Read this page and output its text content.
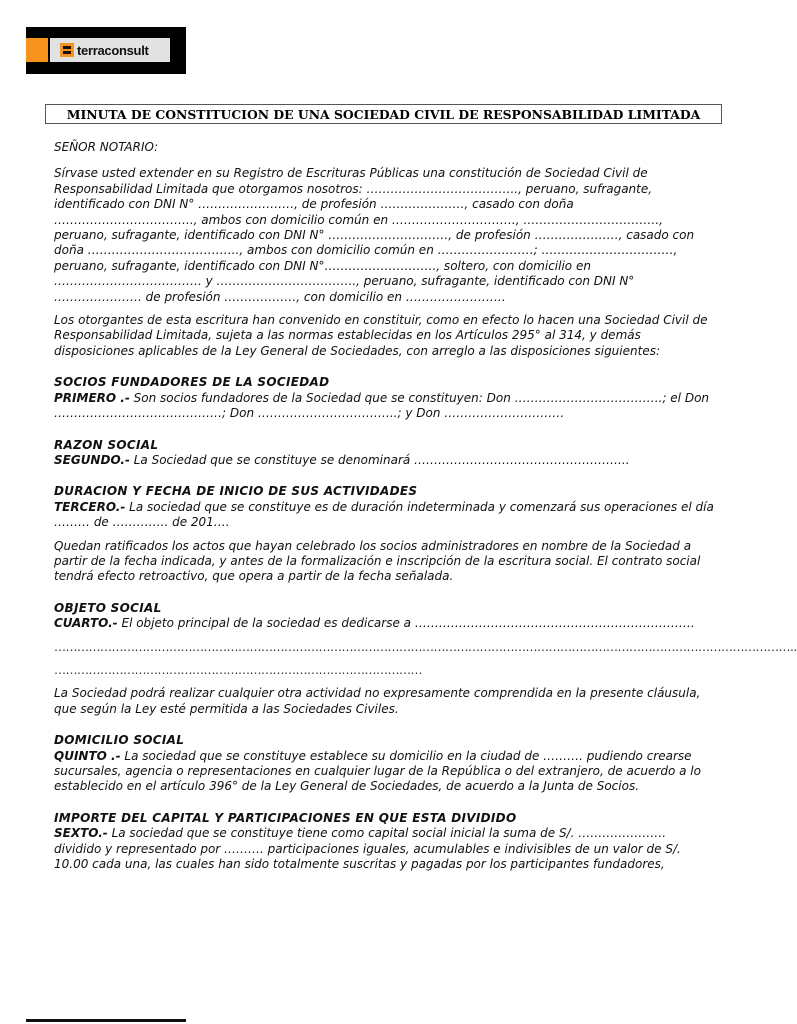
terraconsult
MINUTA DE CONSTITUCION DE UNA SOCIEDAD CIVIL DE RESPONSABILIDAD LIMITADA

SEÑOR NOTARIO:

Sírvase usted extender en su Registro de Escrituras Públicas una constitución de Sociedad Civil de Responsabilidad Limitada que otorgamos nosotros: ……………………………….., peruano, sufragante, identificado con DNI N° ……………………, de profesión …………………, casado con doña …………………………….., ambos con domicilio común en …………………………., ……………………………., peruano, sufragante, identificado con DNI N° …………………………, de profesión …………………, casado con doña ……………………………….., ambos con domicilio común en ……………………; ……………………………, peruano, sufragante, identificado con DNI N°………………………., soltero, con domicilio en ………………………………. y …………………………….., peruano, sufragante, identificado con DNI N° …………………. de profesión ………………, con domicilio en …………………….

Los otorgantes de esta escritura han convenido en constituir, como en efecto lo hacen una Sociedad Civil de Responsabilidad Limitada, sujeta a las normas establecidas en los Artículos 295° al 314, y demás disposiciones aplicables de la Ley General de Sociedades, con arreglo a las disposiciones siguientes:

SOCIOS FUNDADORES DE LA SOCIEDAD

PRIMERO .- Son socios fundadores de la Sociedad que se constituyen: Don ……………………………….; el Don ……………………………………; Don ……………………………..; y Don …………………………

RAZON SOCIAL

SEGUNDO.- La Sociedad que se constituye se denominará ……………………………………………...

DURACION Y FECHA DE INICIO DE SUS ACTIVIDADES

TERCERO.- La sociedad que se constituye es de duración indeterminada y comenzará sus operaciones el día ……… de ………….. de 201….

Quedan ratificados los actos que hayan celebrado los socios administradores en nombre de la Sociedad a partir de la fecha indicada, y antes de la formalización e inscripción de la escritura social. El contrato social tendrá efecto retroactivo, que opera a partir de la fecha señalada.

OBJETO SOCIAL

CUARTO.- El objeto principal de la sociedad es dedicarse a …………………………………………………………….

…………………………………………………………………………………………………………………………………………………………………………..

……………………………………………………………………………………

La Sociedad podrá realizar cualquier otra actividad no expresamente comprendida en la presente cláusula, que según la Ley esté permitida a las Sociedades Civiles.

DOMICILIO SOCIAL

QUINTO .- La sociedad que se constituye establece su domicilio en la ciudad de ………. pudiendo crearse sucursales, agencia o representaciones en cualquier lugar de la República o del extranjero, de acuerdo a lo establecido en el artículo 396° de la Ley General de Sociedades, de acuerdo a la Junta de Socios.

IMPORTE DEL CAPITAL Y PARTICIPACIONES EN QUE ESTA DIVIDIDO

SEXTO.- La sociedad que se constituye tiene como capital social inicial la suma de S/. …………………. dividido y representado por ………. participaciones iguales, acumulables e indivisibles de un valor de S/. 10.00 cada una, las cuales han sido totalmente suscritas y pagadas por los participantes fundadores,
